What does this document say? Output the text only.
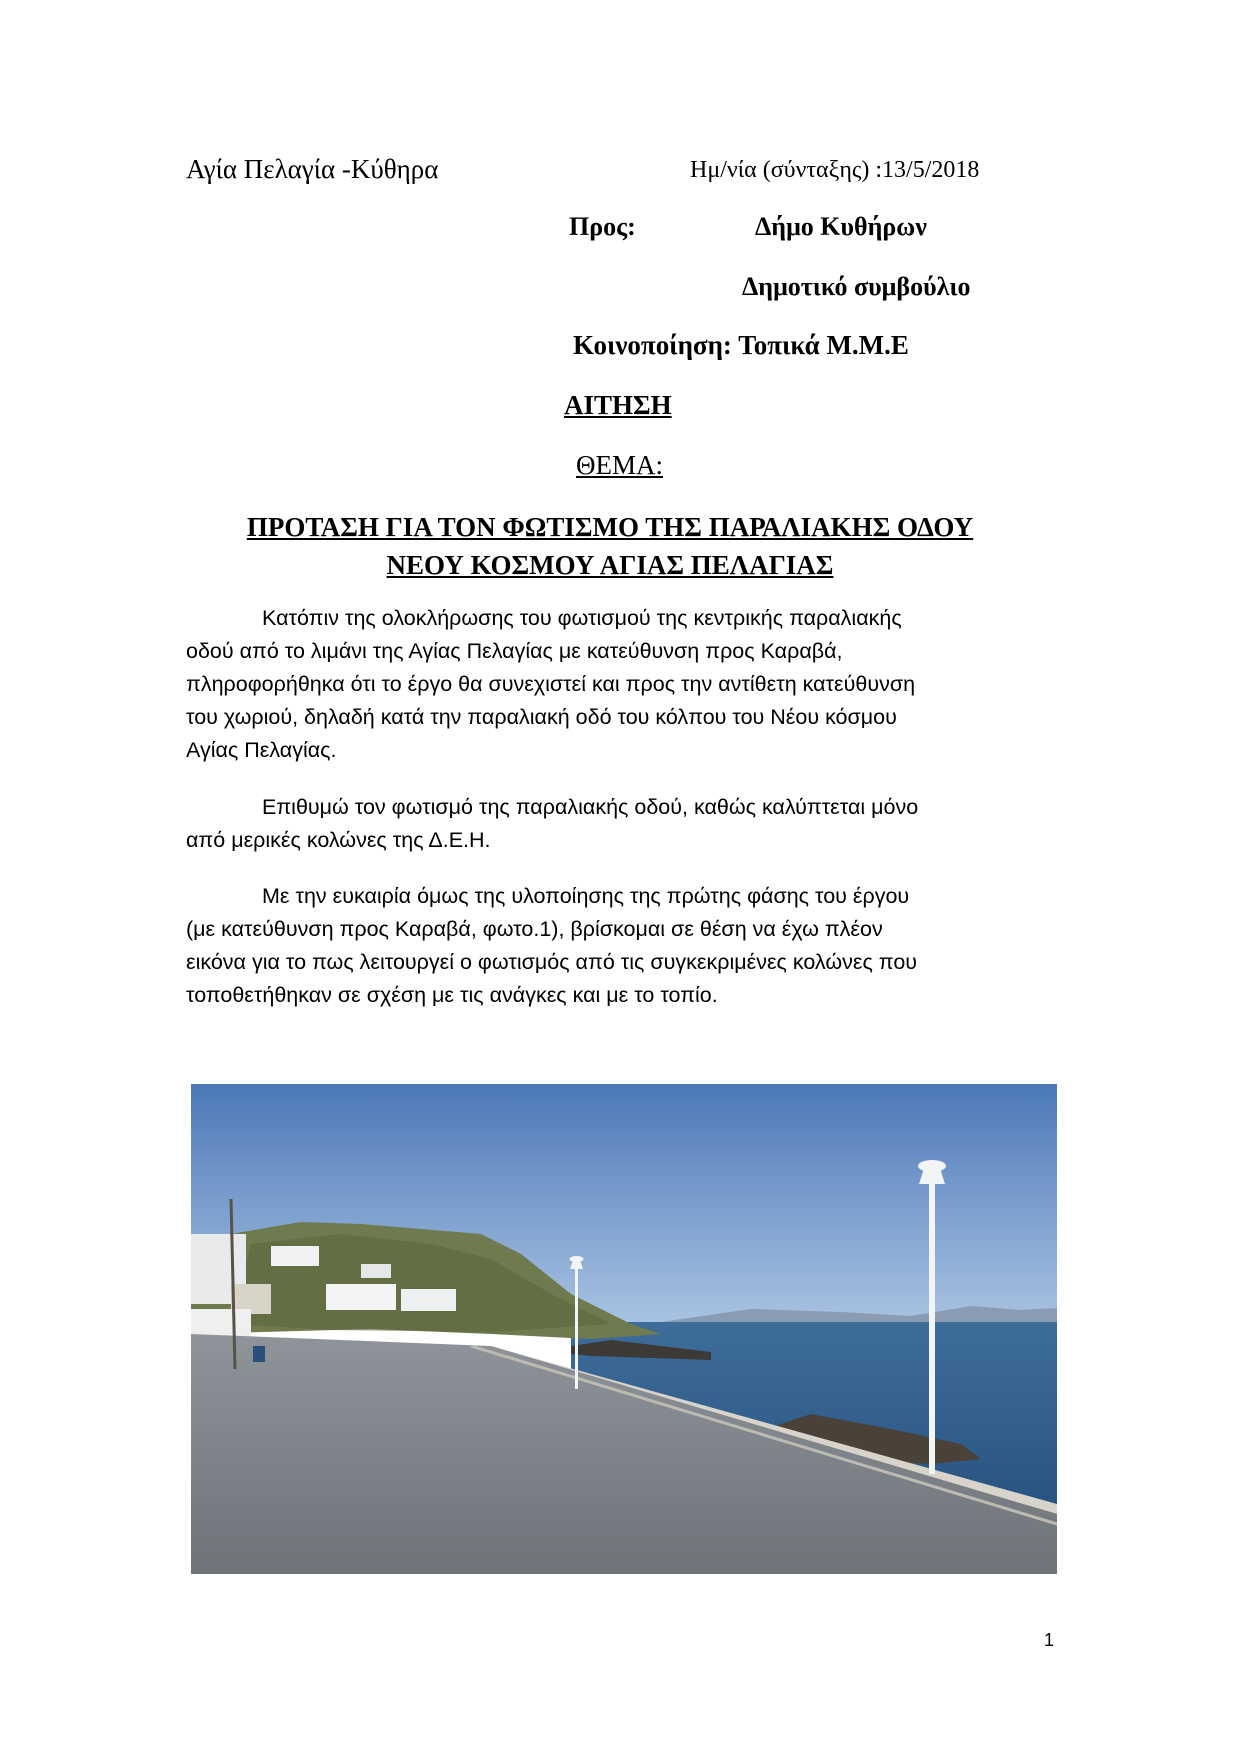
Αγία Πελαγία -Κύθηρα	Ημ/νία (σύνταξης) :13/5/2018
Προς:	Δήμο Κυθήρων
Δημοτικό συμβούλιο
Κοινοποίηση: Τοπικά Μ.Μ.Ε
ΑΙΤΗΣΗ
ΘΕΜΑ:
ΠΡΟΤΑΣΗ ΓΙΑ ΤΟΝ ΦΩΤΙΣΜΟ ΤΗΣ ΠΑΡΑΛΙΑΚΗΣ ΟΔΟΥ
ΝΕΟΥ ΚΟΣΜΟΥ ΑΓΙΑΣ ΠΕΛΑΓΙΑΣ
Κατόπιν της ολοκλήρωσης του φωτισμού της κεντρικής παραλιακής
οδού από το λιμάνι της Αγίας Πελαγίας με κατεύθυνση προς Καραβά,
πληροφορήθηκα ότι το έργο θα συνεχιστεί και προς την αντίθετη κατεύθυνση
του χωριού, δηλαδή κατά την παραλιακή οδό του κόλπου του Νέου κόσμου
Αγίας Πελαγίας.
Επιθυμώ τον φωτισμό της παραλιακής οδού, καθώς καλύπτεται μόνο
από μερικές κολώνες της Δ.Ε.Η.
Με την ευκαιρία όμως της υλοποίησης της πρώτης φάσης του έργου
(με κατεύθυνση προς Καραβά, φωτο.1), βρίσκομαι σε θέση να έχω πλέον
εικόνα για το πως λειτουργεί ο φωτισμός από τις συγκεκριμένες κολώνες που
τοποθετήθηκαν σε σχέση με τις ανάγκες και με το τοπίο.
1
